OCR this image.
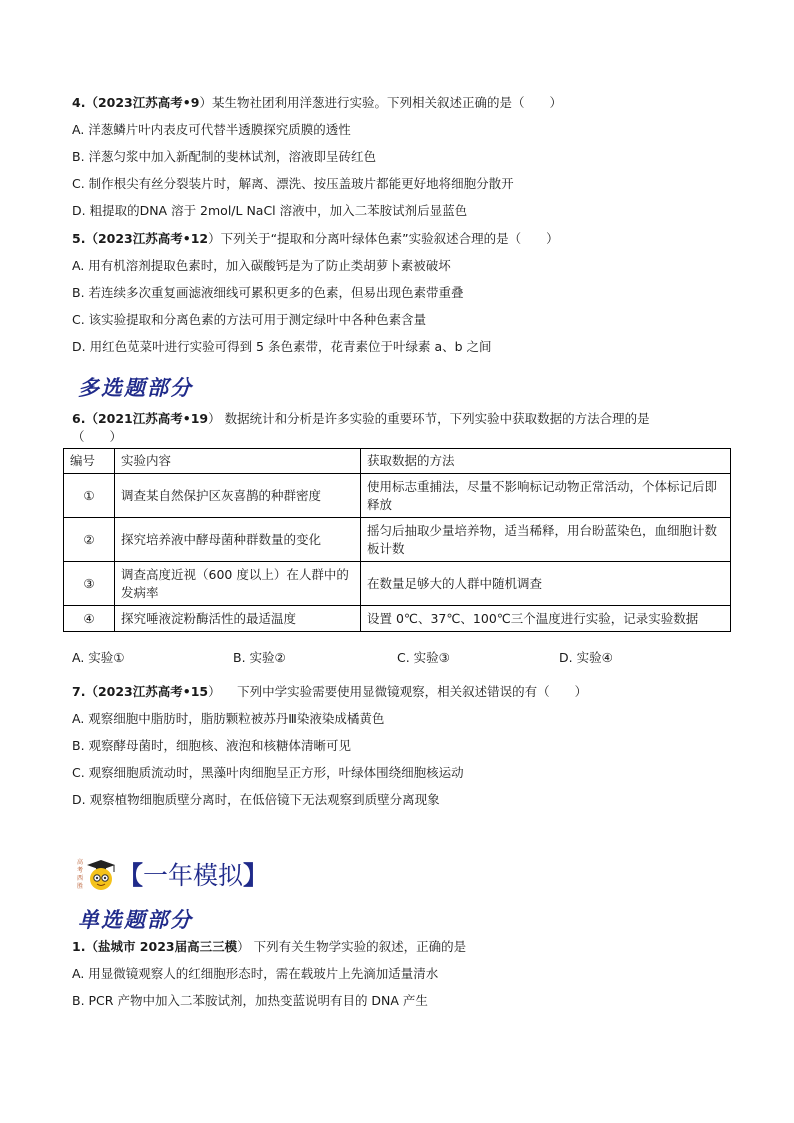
4.（2023江苏高考•9）某生物社团利用洋葱进行实验。下列相关叙述正确的是（　　）
A. 洋葱鳞片叶内表皮可代替半透膜探究质膜的透性
B. 洋葱匀浆中加入新配制的斐林试剂，溶液即呈砖红色
C. 制作根尖有丝分裂装片时，解离、漂洗、按压盖玻片都能更好地将细胞分散开
D. 粗提取的DNA 溶于 2mol/L NaCl 溶液中，加入二苯胺试剂后显蓝色
5.（2023江苏高考•12）下列关于“提取和分离叶绿体色素”实验叙述合理的是（　　）
A. 用有机溶剂提取色素时，加入碳酸钙是为了防止类胡萝卜素被破坏
B. 若连续多次重复画滤液细线可累积更多的色素，但易出现色素带重叠
C. 该实验提取和分离色素的方法可用于测定绿叶中各种色素含量
D. 用红色苋菜叶进行实验可得到 5 条色素带，花青素位于叶绿素 a、b 之间
多选题部分
6.（2021江苏高考•19） 数据统计和分析是许多实验的重要环节，下列实验中获取数据的方法合理的是
（　　）
编号	实验内容	获取数据的方法
①	调查某自然保护区灰喜鹊的种群密度	使用标志重捕法，尽量不影响标记动物正常活动，个体标记后即释放
②	探究培养液中酵母菌种群数量的变化	摇匀后抽取少量培养物，适当稀释，用台盼蓝染色，血细胞计数板计数
③	调查高度近视（600 度以上）在人群中的发病率	在数量足够大的人群中随机调查
④	探究唾液淀粉酶活性的最适温度	设置 0℃、37℃、100℃三个温度进行实验，记录实验数据
A. 实验①	B. 实验②	C. 实验③	D. 实验④
7.（2023江苏高考•15） 　下列中学实验需要使用显微镜观察，相关叙述错误的有（　　）
A. 观察细胞中脂肪时，脂肪颗粒被苏丹Ⅲ染液染成橘黄色
B. 观察酵母菌时，细胞核、液泡和核糖体清晰可见
C. 观察细胞质流动时，黑藻叶肉细胞呈正方形，叶绿体围绕细胞核运动
D. 观察植物细胞质壁分离时，在低倍镜下无法观察到质壁分离现象
高
考
西
胜 【一年模拟】
单选题部分
1.（盐城市 2023届高三三模） 下列有关生物学实验的叙述，正确的是
A. 用显微镜观察人的红细胞形态时，需在载玻片上先滴加适量清水
B. PCR 产物中加入二苯胺试剂，加热变蓝说明有目的 DNA 产生
